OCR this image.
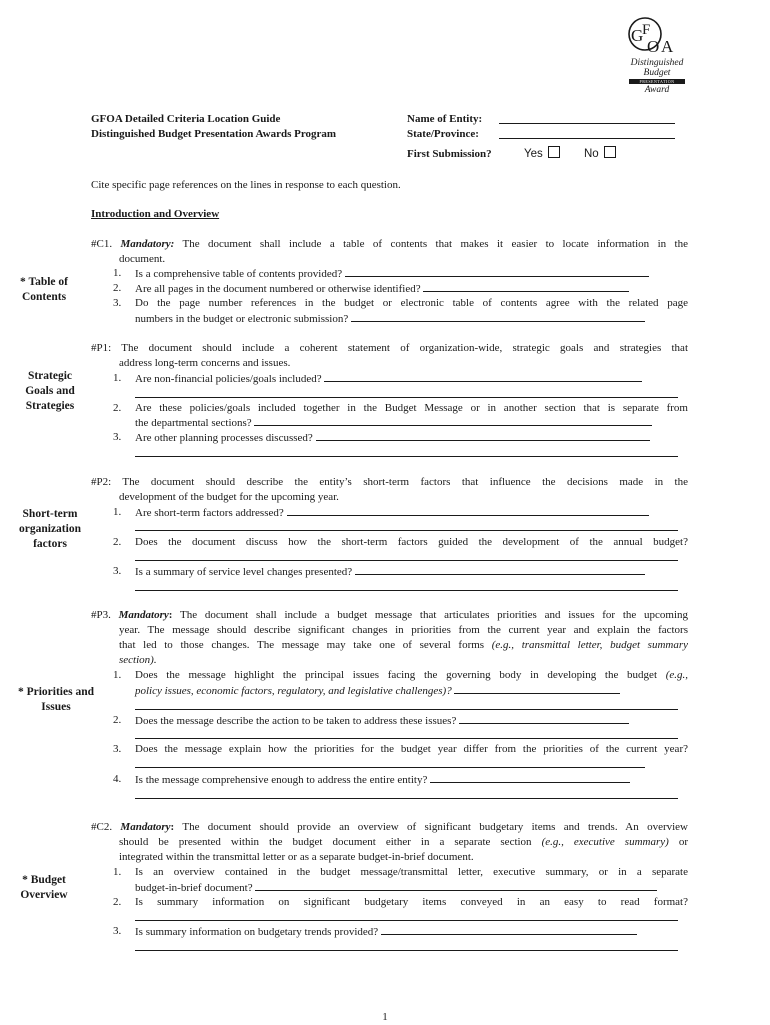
G
F
O A
Distinguished
Budget
PRESENTATION
Award
GFOA Detailed Criteria Location Guide
Distinguished Budget Presentation Awards Program
Name of Entity:
State/Province:
First Submission?	Yes	No
Cite specific page references on the lines in response to each question.
Introduction and Overview
* Table of
Contents
Strategic
Goals and
Strategies
Short-term
organization
factors
* Priorities and
Issues
* Budget
Overview
#C1. Mandatory: The document shall include a table of contents that makes it easier to locate information in the
document.
1. Is a comprehensive table of contents provided?
2. Are all pages in the document numbered or otherwise identified?
3. Do the page number references in the budget or electronic table of contents agree with the related page
numbers in the budget or electronic submission?
#P1: The document should include a coherent statement of organization-wide, strategic goals and strategies that
address long-term concerns and issues.
1. Are non-financial policies/goals included?
2. Are these policies/goals included together in the Budget Message or in another section that is separate from
the departmental sections?
3. Are other planning processes discussed?
#P2: The document should describe the entity’s short-term factors that influence the decisions made in the
development of the budget for the upcoming year.
1. Are short-term factors addressed?
2. Does the document discuss how the short-term factors guided the development of the annual budget?
3. Is a summary of service level changes presented?
#P3. Mandatory: The document shall include a budget message that articulates priorities and issues for the upcoming
year. The message should describe significant changes in priorities from the current year and explain the factors
that led to those changes. The message may take one of several forms (e.g., transmittal letter, budget summary
section).
1. Does the message highlight the principal issues facing the governing body in developing the budget (e.g.,
policy issues, economic factors, regulatory, and legislative challenges)?
2. Does the message describe the action to be taken to address these issues?
3. Does the message explain how the priorities for the budget year differ from the priorities of the current year?
4. Is the message comprehensive enough to address the entire entity?
#C2. Mandatory: The document should provide an overview of significant budgetary items and trends. An overview
should be presented within the budget document either in a separate section (e.g., executive summary) or
integrated within the transmittal letter or as a separate budget-in-brief document.
1. Is an overview contained in the budget message/transmittal letter, executive summary, or in a separate
budget-in-brief document?
2. Is summary information on significant budgetary items conveyed in an easy to read format?
3. Is summary information on budgetary trends provided?
1
